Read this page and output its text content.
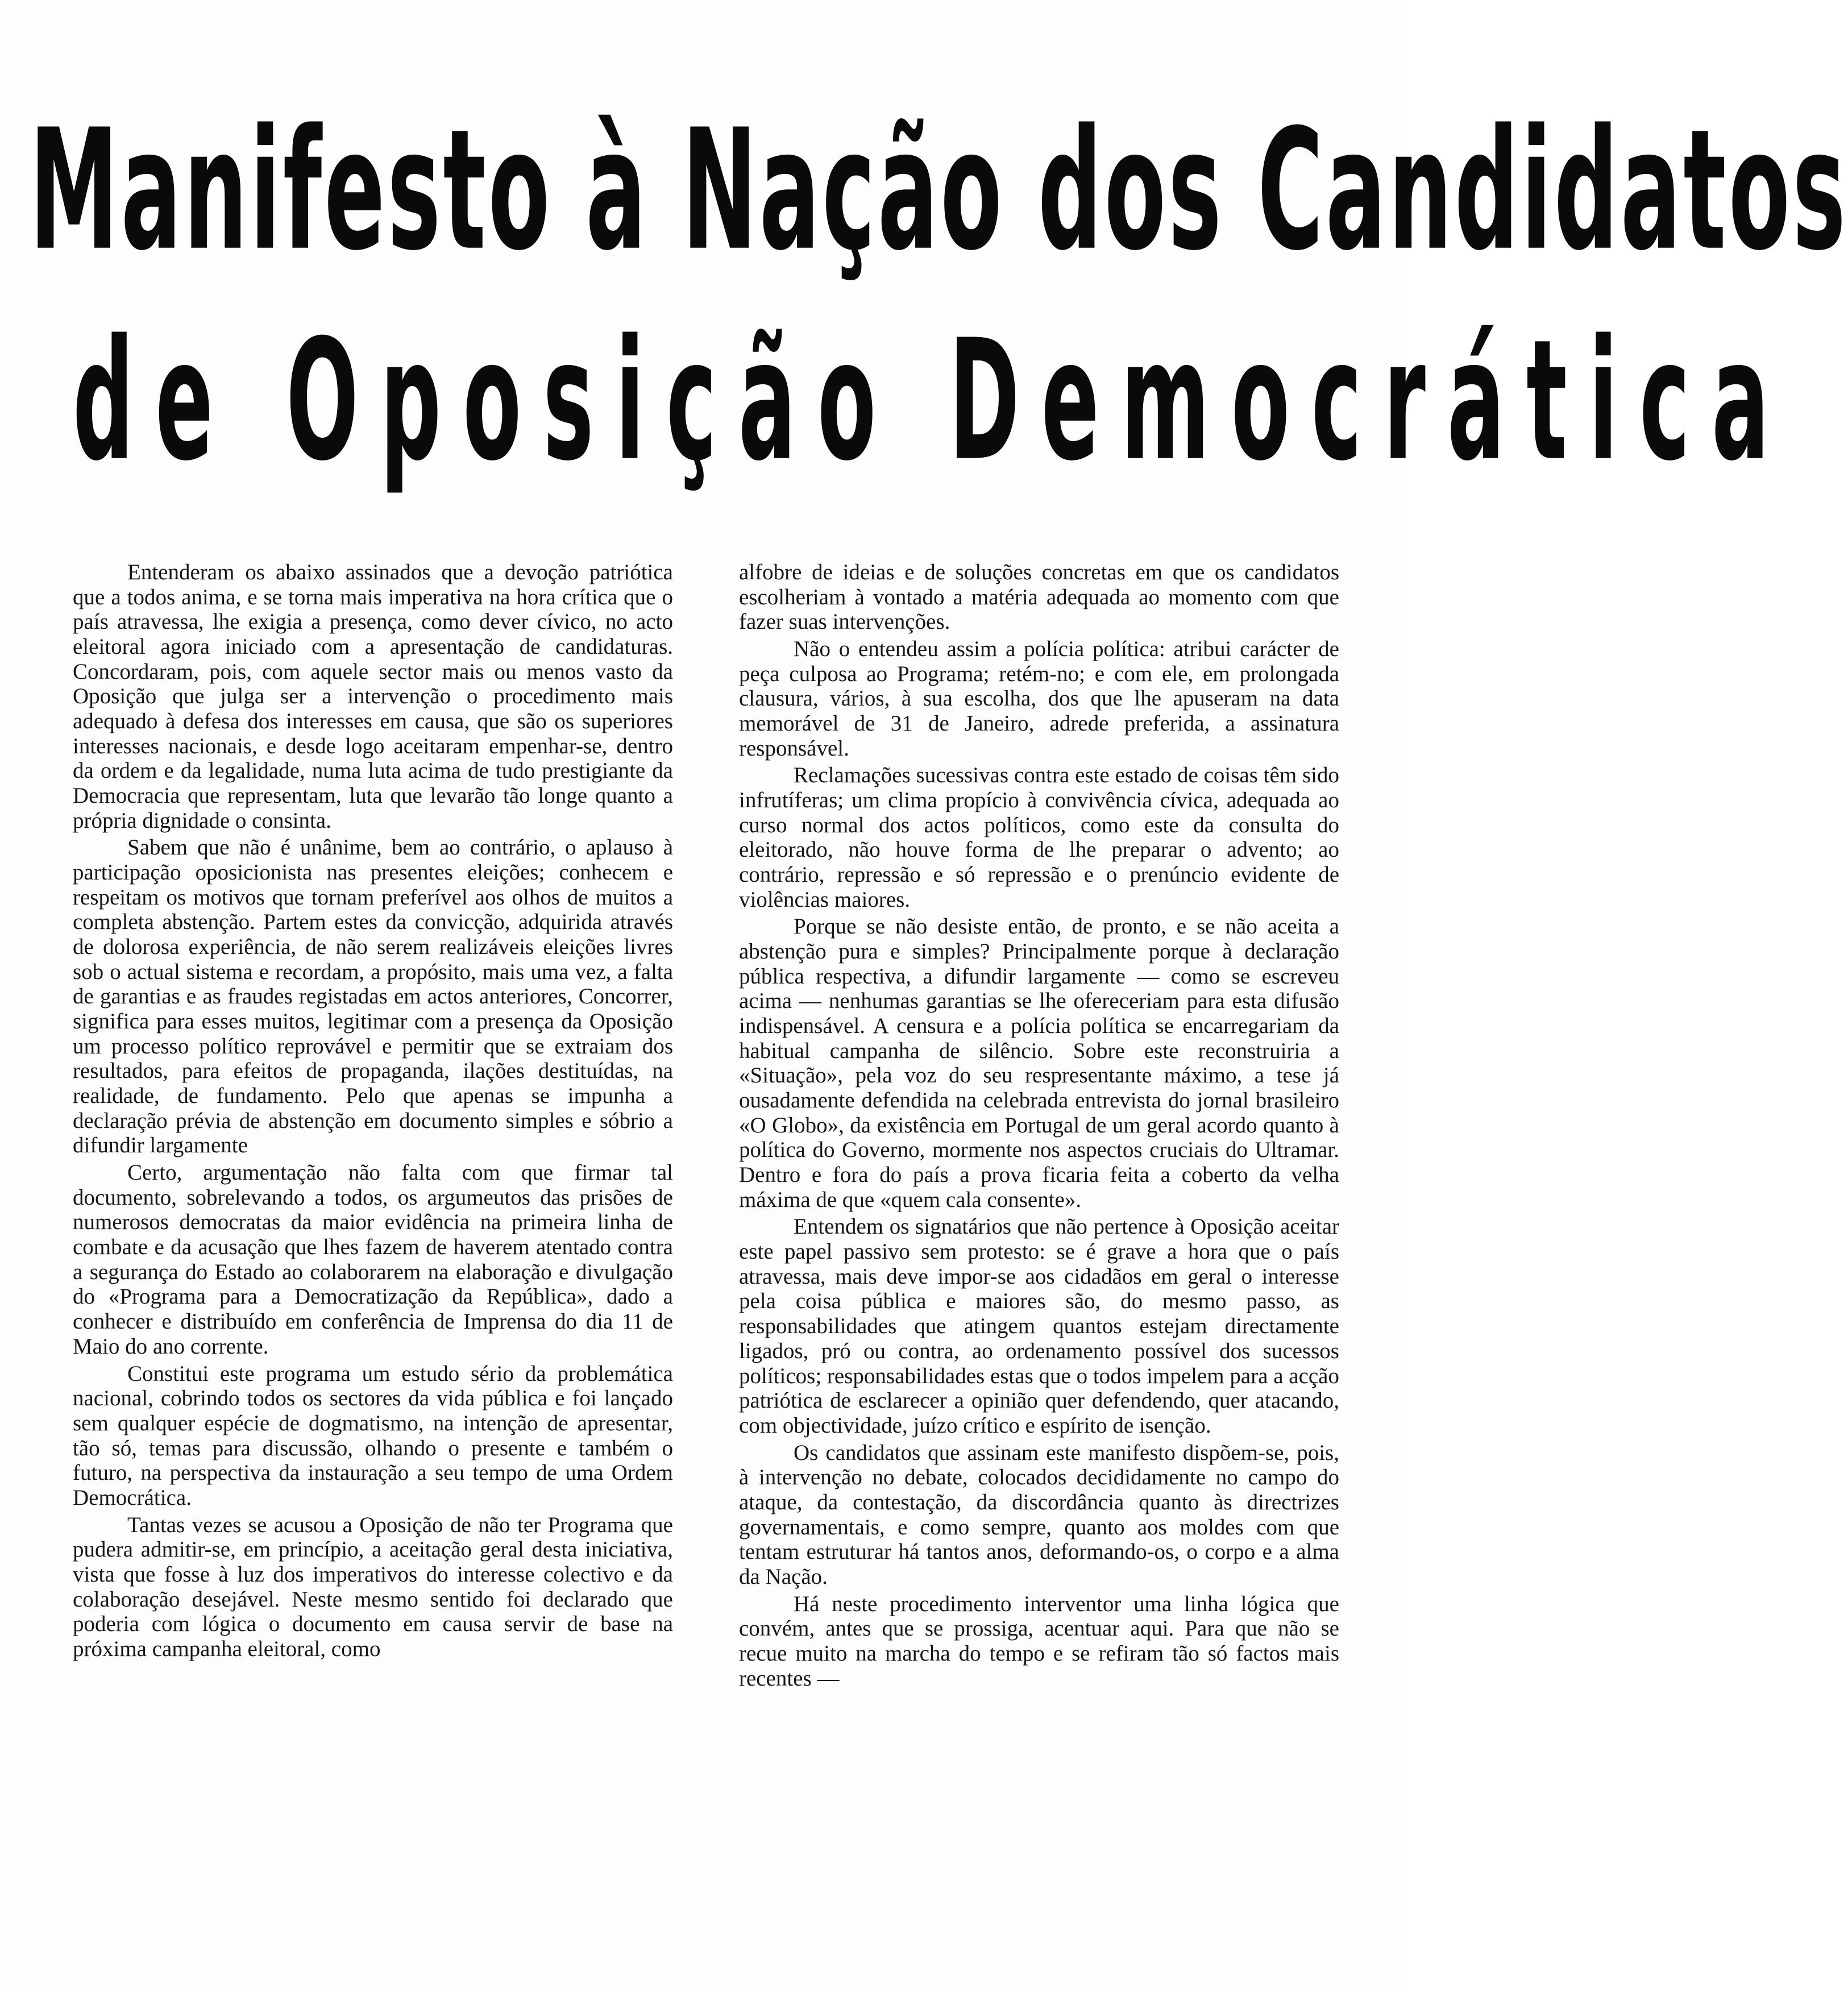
Manifesto à Nação dos Candidatos
de Oposição Democrática

Entenderam os abaixo assinados que a devoção patriótica que a todos anima, e se torna mais imperativa na hora crítica que o país atravessa, lhe exigia a presença, como dever cívico, no acto eleitoral agora iniciado com a apresentação de candidaturas. Concordaram, pois, com aquele sector mais ou menos vasto da Oposição que julga ser a intervenção o procedimento mais adequado à defesa dos interesses em causa, que são os superiores interesses nacionais, e desde logo aceitaram empenhar-se, dentro da ordem e da legalidade, numa luta acima de tudo prestigiante da Democracia que representam, luta que levarão tão longe quanto a própria dignidade o consinta.

Sabem que não é unânime, bem ao contrário, o aplauso à participação oposicionista nas presentes eleições; conhecem e respeitam os motivos que tornam preferível aos olhos de muitos a completa abstenção. Partem estes da convicção, adquirida através de dolorosa experiência, de não serem realizáveis eleições livres sob o actual sistema e recordam, a propósito, mais uma vez, a falta de garantias e as fraudes registadas em actos anteriores, Concorrer, significa para esses muitos, legitimar com a presença da Oposição um processo político reprovável e permitir que se extraiam dos resultados, para efeitos de propaganda, ilações destituídas, na realidade, de fundamento. Pelo que apenas se impunha a declaração prévia de abstenção em documento simples e sóbrio a difundir largamente

Certo, argumentação não falta com que firmar tal documento, sobrelevando a todos, os argumeutos das prisões de numerosos democratas da maior evidência na primeira linha de combate e da acusação que lhes fazem de haverem atentado contra a segurança do Estado ao colaborarem na elaboração e divulgação do «Programa para a Democratização da República», dado a conhecer e distribuído em conferência de Imprensa do dia 11 de Maio do ano corrente.

Constitui este programa um estudo sério da problemática nacional, cobrindo todos os sectores da vida pública e foi lançado sem qualquer espécie de dogmatismo, na intenção de apresentar, tão só, temas para discussão, olhando o presente e também o futuro, na perspectiva da instauração a seu tempo de uma Ordem Democrática.

Tantas vezes se acusou a Oposição de não ter Programa que pudera admitir-se, em princípio, a aceitação geral desta iniciativa, vista que fosse à luz dos imperativos do interesse colectivo e da colaboração desejável. Neste mesmo sentido foi declarado que poderia com lógica o documento em causa servir de base na próxima campanha eleitoral, como

alfobre de ideias e de soluções concretas em que os candidatos escolheriam à vontado a matéria adequada ao momento com que fazer suas intervenções.

Não o entendeu assim a polícia política: atribui carácter de peça culposa ao Programa; retém-no; e com ele, em prolongada clausura, vários, à sua escolha, dos que lhe apuseram na data memorável de 31 de Janeiro, adrede preferida, a assinatura responsável.

Reclamações sucessivas contra este estado de coisas têm sido infrutíferas; um clima propício à convivência cívica, adequada ao curso normal dos actos políticos, como este da consulta do eleitorado, não houve forma de lhe preparar o advento; ao contrário, repressão e só repressão e o prenúncio evidente de violências maiores.

Porque se não desiste então, de pronto, e se não aceita a abstenção pura e simples? Principalmente porque à declaração pública respectiva, a difundir largamente — como se escreveu acima — nenhumas garantias se lhe ofereceriam para esta difusão indispensável. A censura e a polícia política se encarregariam da habitual campanha de silêncio. Sobre este reconstruiria a «Situação», pela voz do seu respresentante máximo, a tese já ousadamente defendida na celebrada entrevista do jornal brasileiro «O Globo», da existência em Portugal de um geral acordo quanto à política do Governo, mormente nos aspectos cruciais do Ultramar. Dentro e fora do país a prova ficaria feita a coberto da velha máxima de que «quem cala consente».

Entendem os signatários que não pertence à Oposição aceitar este papel passivo sem protesto: se é grave a hora que o país atravessa, mais deve impor-se aos cidadãos em geral o interesse pela coisa pública e maiores são, do mesmo passo, as responsabilidades que atingem quantos estejam directamente ligados, pró ou contra, ao ordenamento possível dos sucessos políticos; responsabilidades estas que o todos impelem para a acção patriótica de esclarecer a opinião quer defendendo, quer atacando, com objectividade, juízo crítico e espírito de isenção.

Os candidatos que assinam este manifesto dispõem-se, pois, à intervenção no debate, colocados decididamente no campo do ataque, da contestação, da discordância quanto às directrizes governamentais, e como sempre, quanto aos moldes com que tentam estruturar há tantos anos, deformando-os, o corpo e a alma da Nação.

Há neste procedimento interventor uma linha lógica que convém, antes que se prossiga, acentuar aqui. Para que não se recue muito na marcha do tempo e se refiram tão só factos mais recentes —
